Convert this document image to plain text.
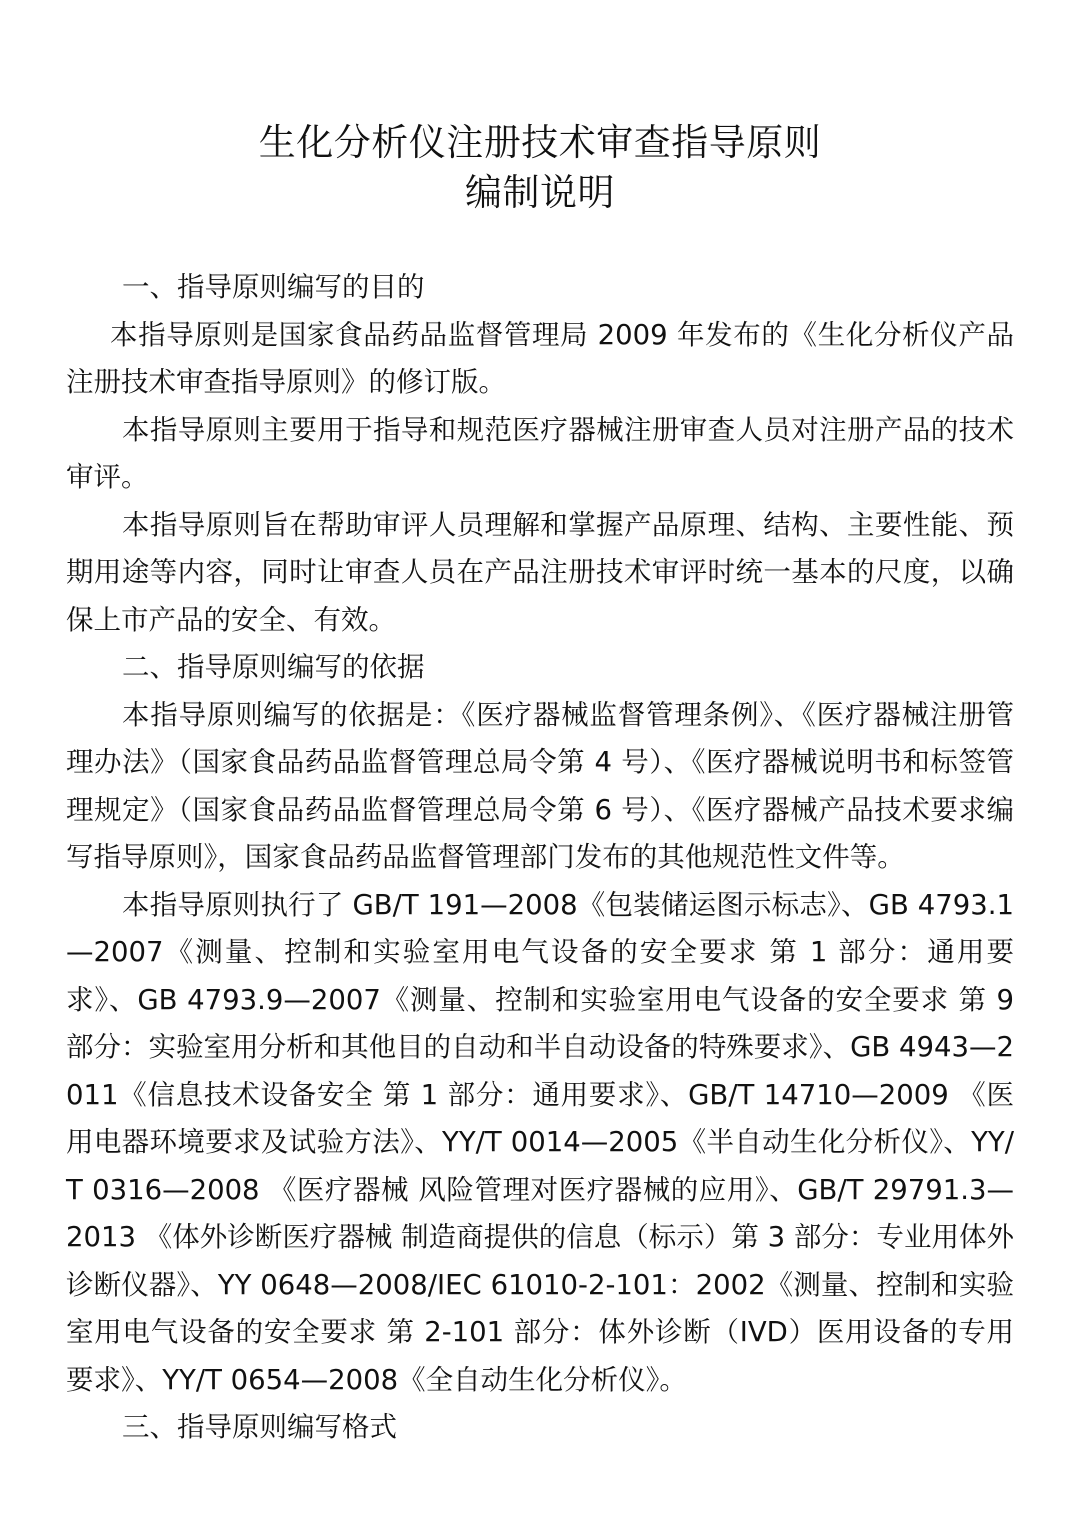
生化分析仪注册技术审查指导原则
编制说明

一、指导原则编写的目的

本指导原则是国家食品药品监督管理局 2009 年发布的《生化分析仪产品注册技术审查指导原则》的修订版。

本指导原则主要用于指导和规范医疗器械注册审查人员对注册产品的技术审评。

本指导原则旨在帮助审评人员理解和掌握产品原理、结构、主要性能、预期用途等内容，同时让审查人员在产品注册技术审评时统一基本的尺度，以确保上市产品的安全、有效。

二、指导原则编写的依据

本指导原则编写的依据是：《医疗器械监督管理条例》、《医疗器械注册管理办法》（国家食品药品监督管理总局令第 4 号）、《医疗器械说明书和标签管理规定》（国家食品药品监督管理总局令第 6 号）、《医疗器械产品技术要求编写指导原则》，国家食品药品监督管理部门发布的其他规范性文件等。

本指导原则执行了 GB/T 191—2008《包装储运图示标志》、GB 4793.1—2007《测量、控制和实验室用电气设备的安全要求 第 1 部分：通用要求》、GB 4793.9—2007《测量、控制和实验室用电气设备的安全要求 第 9 部分：实验室用分析和其他目的自动和半自动设备的特殊要求》、GB 4943—2011《信息技术设备安全 第 1 部分：通用要求》、GB/T 14710—2009 《医用电器环境要求及试验方法》、YY/T 0014—2005《半自动生化分析仪》、YY/T 0316—2008 《医疗器械 风险管理对医疗器械的应用》、GB/T 29791.3—2013 《体外诊断医疗器械 制造商提供的信息（标示）第 3 部分：专业用体外诊断仪器》、YY 0648—2008/IEC 61010-2-101：2002《测量、控制和实验室用电气设备的安全要求 第 2-101 部分：体外诊断（IVD）医用设备的专用要求》、YY/T 0654—2008《全自动生化分析仪》。

三、指导原则编写格式
